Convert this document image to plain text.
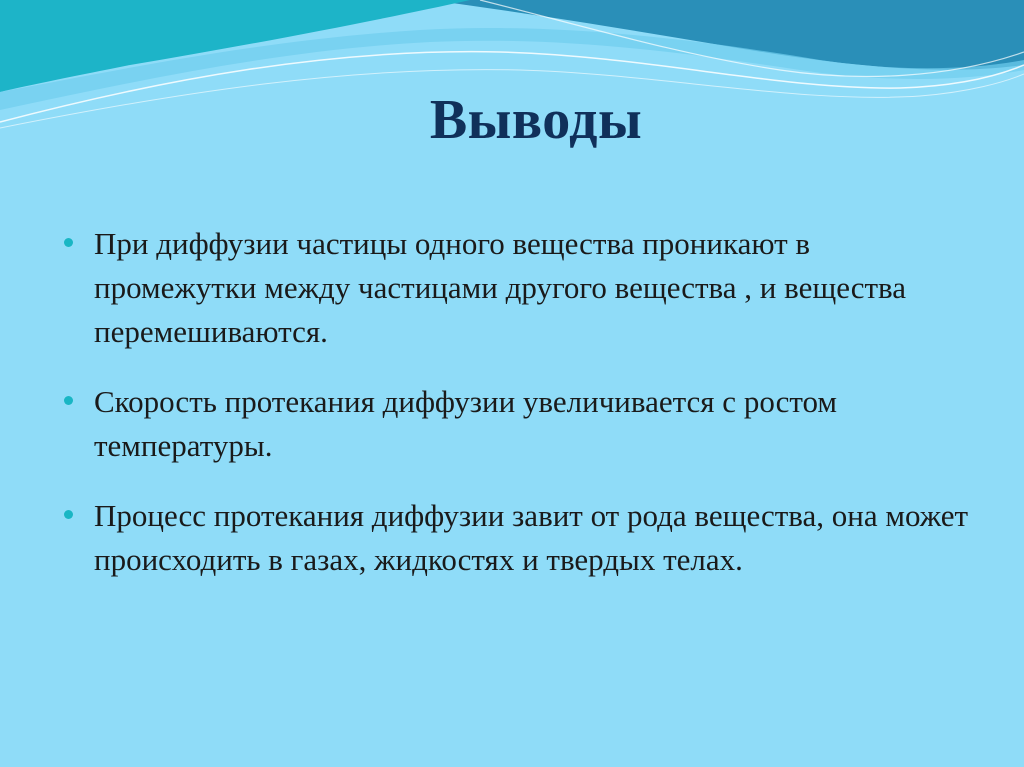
Выводы
При диффузии частицы одного вещества проникают в промежутки между частицами другого вещества , и вещества перемешиваются.
Скорость протекания диффузии увеличивается с ростом температуры.
Процесс протекания диффузии завит от рода вещества, она может происходить в газах, жидкостях и твердых телах.
